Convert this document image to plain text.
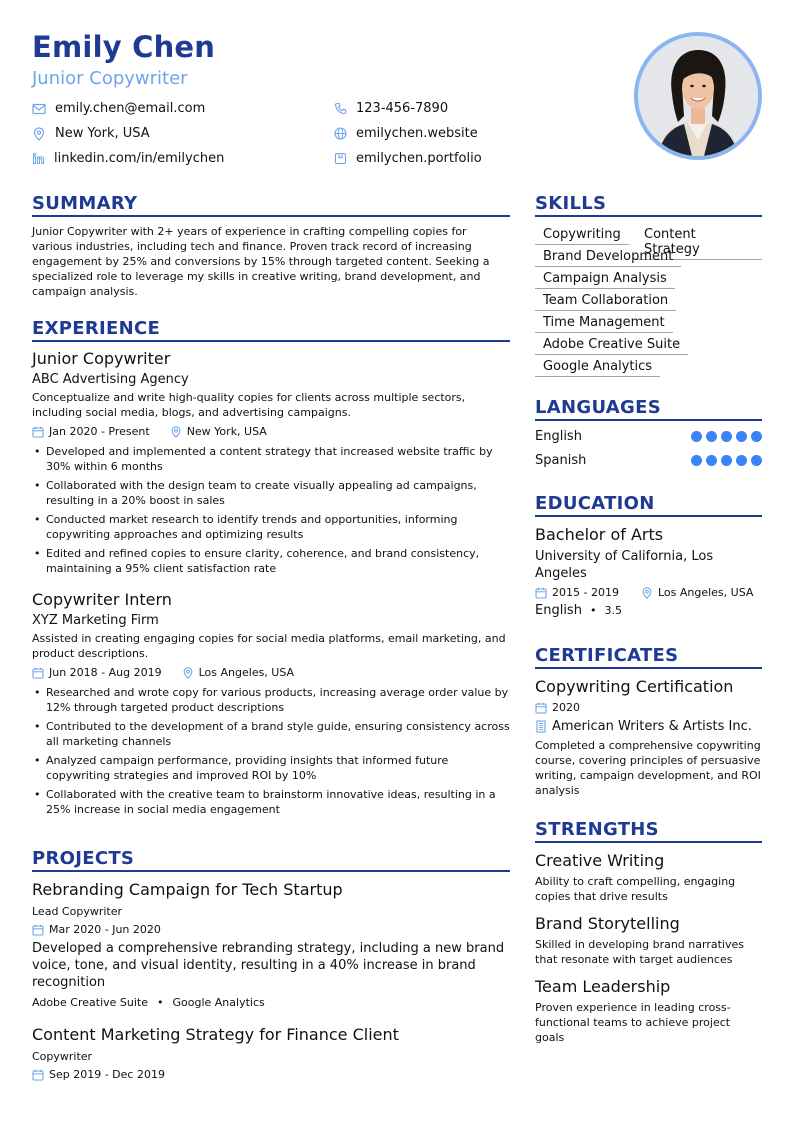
Emily Chen
Junior Copywriter
emily.chen@email.com	123-456-7890
New York, USA	emilychen.website
linkedin.com/in/emilychen	emilychen.portfolio
SUMMARY
Junior Copywriter with 2+ years of experience in crafting compelling copies for various industries, including tech and finance. Proven track record of increasing engagement by 25% and conversions by 15% through targeted content. Seeking a specialized role to leverage my skills in creative writing, brand development, and campaign analysis.
EXPERIENCE
Junior Copywriter
ABC Advertising Agency
Conceptualize and write high-quality copies for clients across multiple sectors, including social media, blogs, and advertising campaigns.
Jan 2020 - Present	New York, USA
• Developed and implemented a content strategy that increased website traffic by 30% within 6 months
• Collaborated with the design team to create visually appealing ad campaigns, resulting in a 20% boost in sales
• Conducted market research to identify trends and opportunities, informing copywriting approaches and optimizing results
• Edited and refined copies to ensure clarity, coherence, and brand consistency, maintaining a 95% client satisfaction rate
Copywriter Intern
XYZ Marketing Firm
Assisted in creating engaging copies for social media platforms, email marketing, and product descriptions.
Jun 2018 - Aug 2019	Los Angeles, USA
• Researched and wrote copy for various products, increasing average order value by 12% through targeted product descriptions
• Contributed to the development of a brand style guide, ensuring consistency across all marketing channels
• Analyzed campaign performance, providing insights that informed future copywriting strategies and improved ROI by 10%
• Collaborated with the creative team to brainstorm innovative ideas, resulting in a 25% increase in social media engagement
PROJECTS
Rebranding Campaign for Tech Startup
Lead Copywriter
Mar 2020 - Jun 2020
Developed a comprehensive rebranding strategy, including a new brand voice, tone, and visual identity, resulting in a 40% increase in brand recognition
Adobe Creative Suite • Google Analytics
Content Marketing Strategy for Finance Client
Copywriter
Sep 2019 - Dec 2019
SKILLS
Copywriting	Content Strategy
Brand Development
Campaign Analysis
Team Collaboration
Time Management
Adobe Creative Suite
Google Analytics
LANGUAGES
English
Spanish
EDUCATION
Bachelor of Arts
University of California, Los Angeles
2015 - 2019	Los Angeles, USA
English • 3.5
CERTIFICATES
Copywriting Certification
2020
American Writers & Artists Inc.
Completed a comprehensive copywriting course, covering principles of persuasive writing, campaign development, and ROI analysis
STRENGTHS
Creative Writing
Ability to craft compelling, engaging copies that drive results
Brand Storytelling
Skilled in developing brand narratives that resonate with target audiences
Team Leadership
Proven experience in leading cross-functional teams to achieve project goals
